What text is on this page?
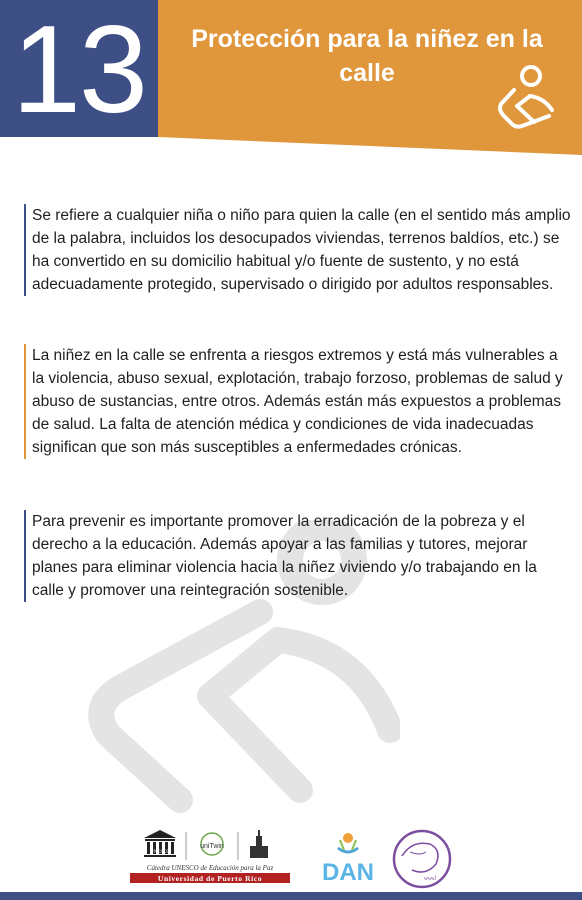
13	Protección para la niñez en la calle
Se refiere a cualquier niña o niño para quien la calle (en el sentido más amplio de la palabra, incluidos los desocupados viviendas, terrenos baldíos, etc.) se ha convertido en su domicilio habitual y/o fuente de sustento, y no está adecuadamente protegido, supervisado o dirigido por adultos responsables.
La niñez en la calle se enfrenta a riesgos extremos y está más vulnerables a la violencia, abuso sexual, explotación, trabajo forzoso, problemas de salud y abuso de sustancias, entre otros. Además están más expuestos a problemas de salud. La falta de atención médica y condiciones de vida inadecuadas significan que son más susceptibles a enfermedades crónicas.
Para prevenir es importante promover la erradicación de la pobreza y el derecho a la educación. Además apoyar a las familias y tutores, mejorar planes para eliminar violencia hacia la niñez viviendo y/o trabajando en la calle y promover una reintegración sostenible.
UNESCO
uniTwin
Cátedra UNESCO de Educación para la Paz
Universidad de Puerto Rico DAN	wwsl
